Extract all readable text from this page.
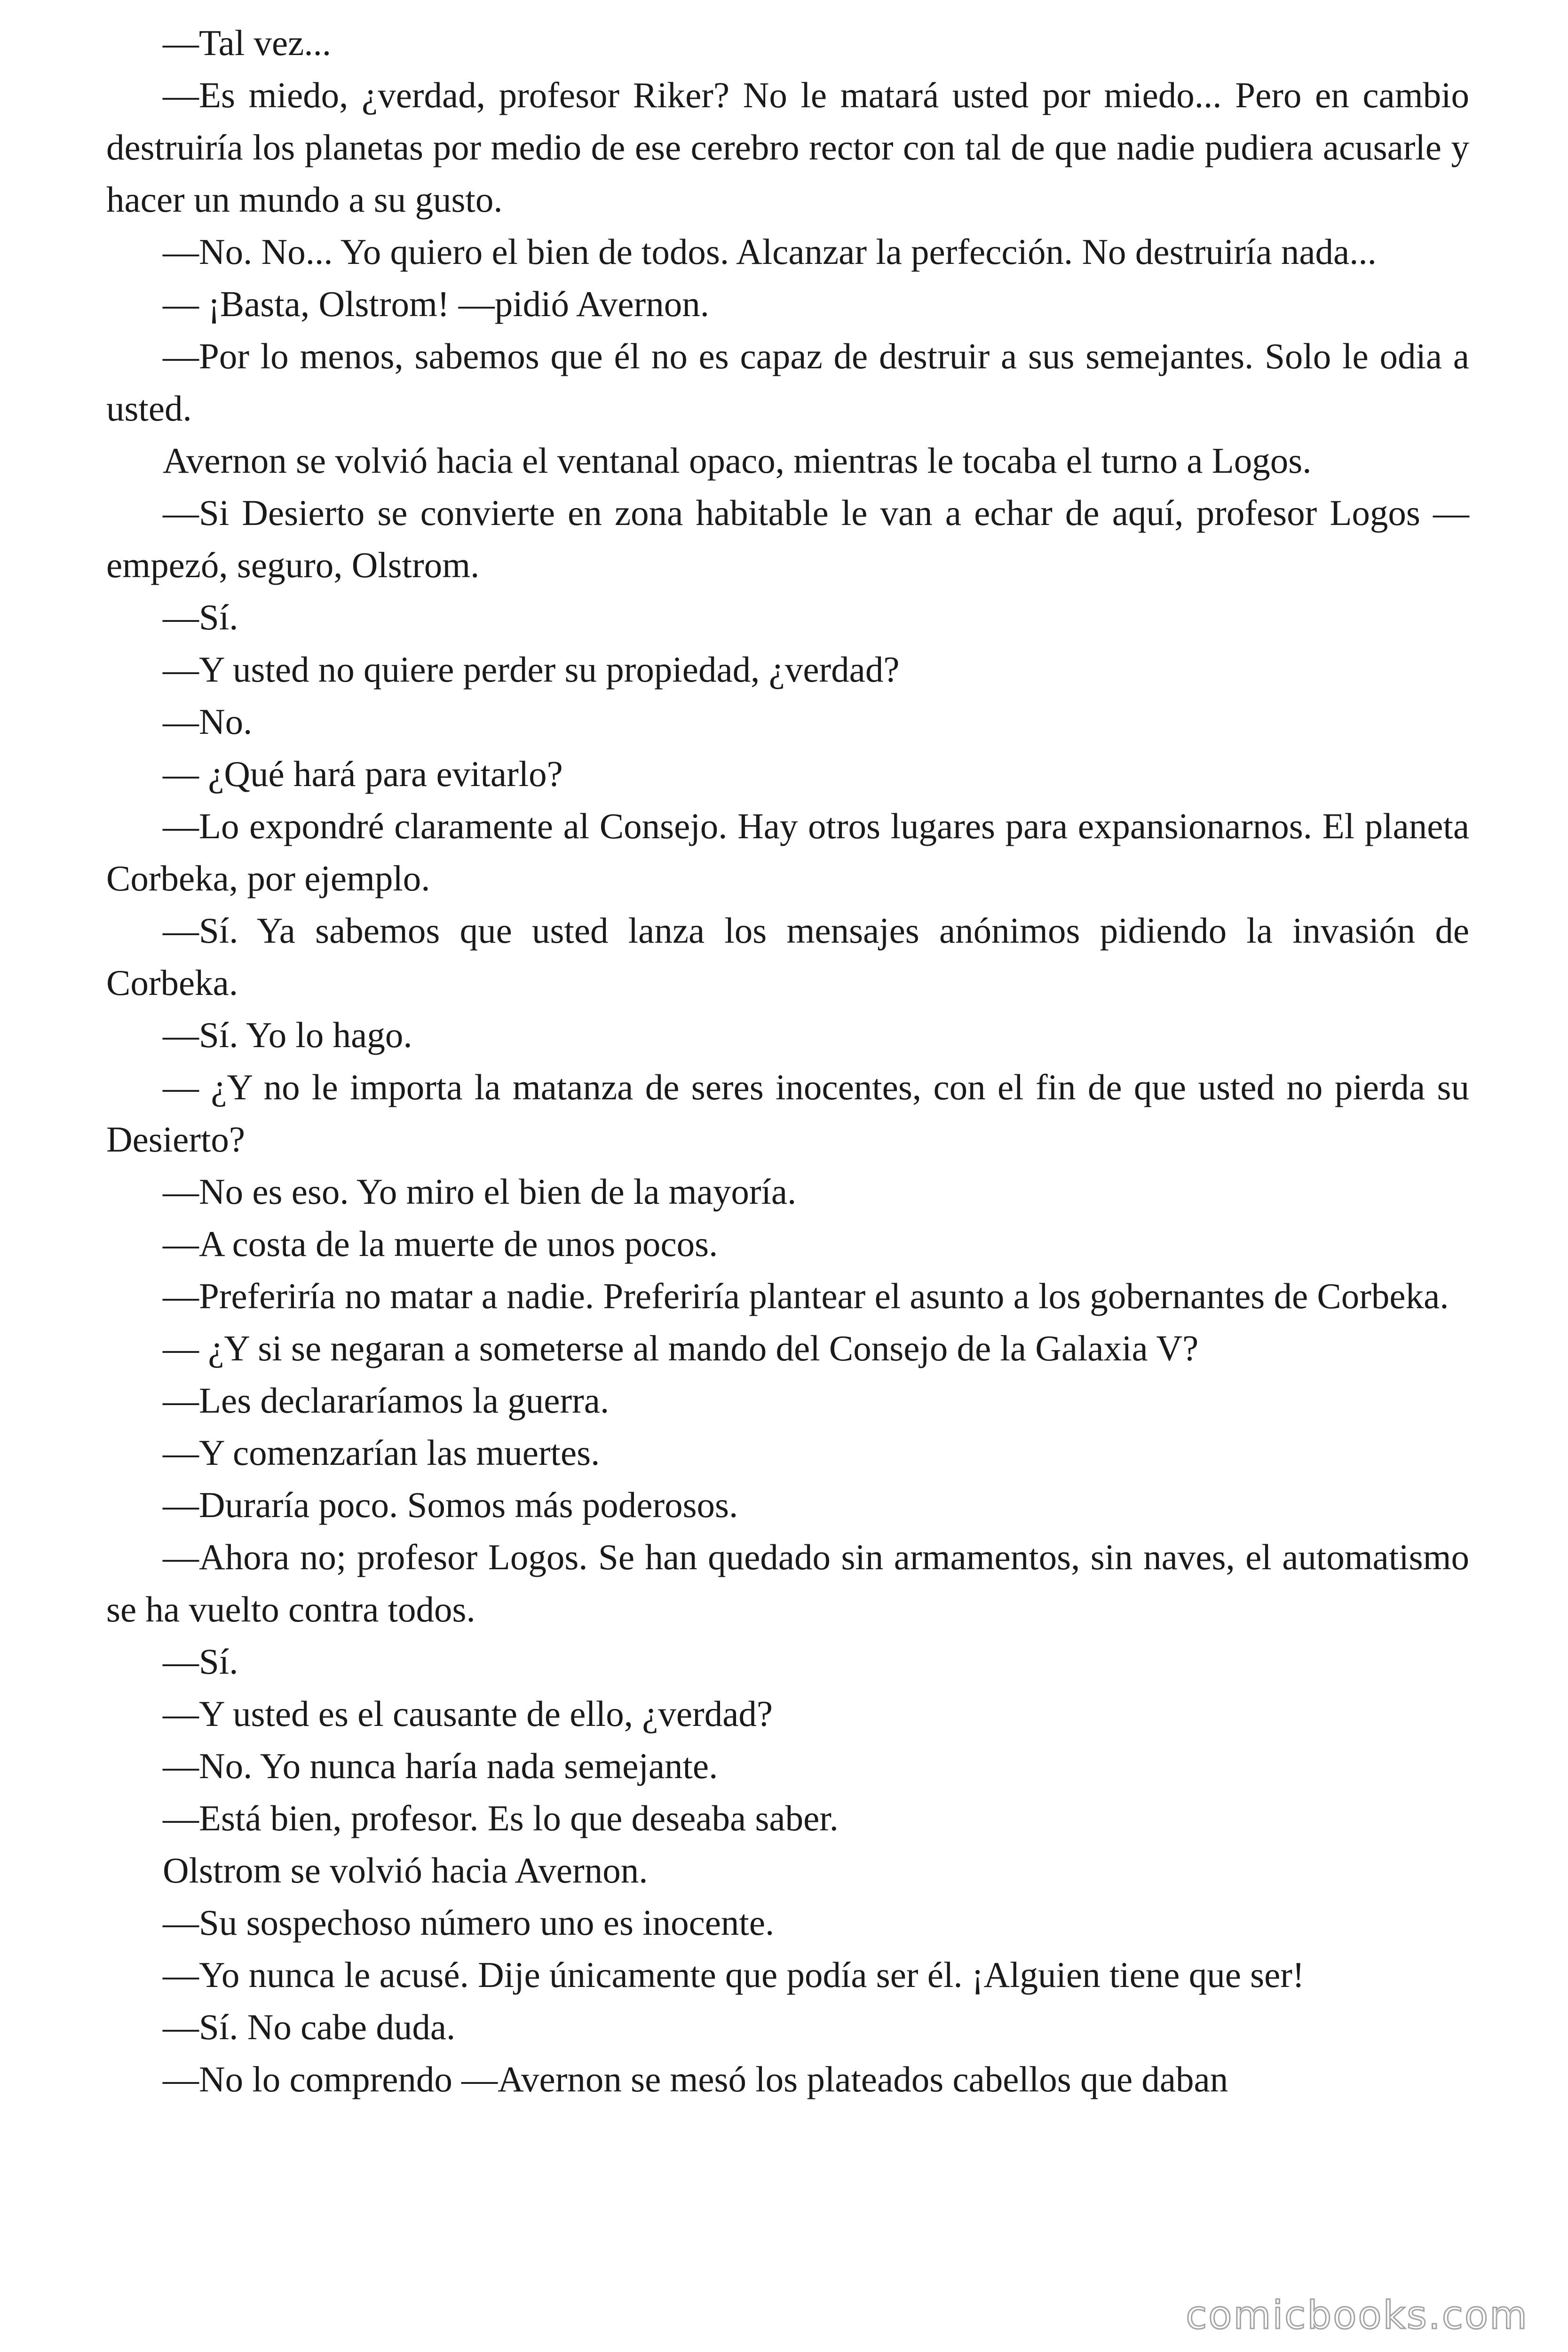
—Tal vez...

—Es miedo, ¿verdad, profesor Riker? No le matará usted por miedo... Pero en cambio destruiría los planetas por medio de ese cerebro rector con tal de que nadie pudiera acusarle y hacer un mundo a su gusto.

—No. No... Yo quiero el bien de todos. Alcanzar la perfección. No destruiría nada...

— ¡Basta, Olstrom! —pidió Avernon.

—Por lo menos, sabemos que él no es capaz de destruir a sus semejantes. Solo le odia a usted.

Avernon se volvió hacia el ventanal opaco, mientras le tocaba el turno a Logos.

—Si Desierto se convierte en zona habitable le van a echar de aquí, profesor Logos —empezó, seguro, Olstrom.

—Sí.

—Y usted no quiere perder su propiedad, ¿verdad?

—No.

— ¿Qué hará para evitarlo?

—Lo expondré claramente al Consejo. Hay otros lugares para expansionarnos. El planeta Corbeka, por ejemplo.

—Sí. Ya sabemos que usted lanza los mensajes anónimos pidiendo la invasión de Corbeka.

—Sí. Yo lo hago.

— ¿Y no le importa la matanza de seres inocentes, con el fin de que usted no pierda su Desierto?

—No es eso. Yo miro el bien de la mayoría.

—A costa de la muerte de unos pocos.

—Preferiría no matar a nadie. Preferiría plantear el asunto a los gobernantes de Corbeka.

— ¿Y si se negaran a someterse al mando del Consejo de la Galaxia V?

—Les declararíamos la guerra.

—Y comenzarían las muertes.

—Duraría poco. Somos más poderosos.

—Ahora no; profesor Logos. Se han quedado sin armamentos, sin naves, el automatismo se ha vuelto contra todos.

—Sí.

—Y usted es el causante de ello, ¿verdad?

—No. Yo nunca haría nada semejante.

—Está bien, profesor. Es lo que deseaba saber.

Olstrom se volvió hacia Avernon.

—Su sospechoso número uno es inocente.

—Yo nunca le acusé. Dije únicamente que podía ser él. ¡Alguien tiene que ser!

—Sí. No cabe duda.

—No lo comprendo —Avernon se mesó los plateados cabellos que daban

comicbooks.com
